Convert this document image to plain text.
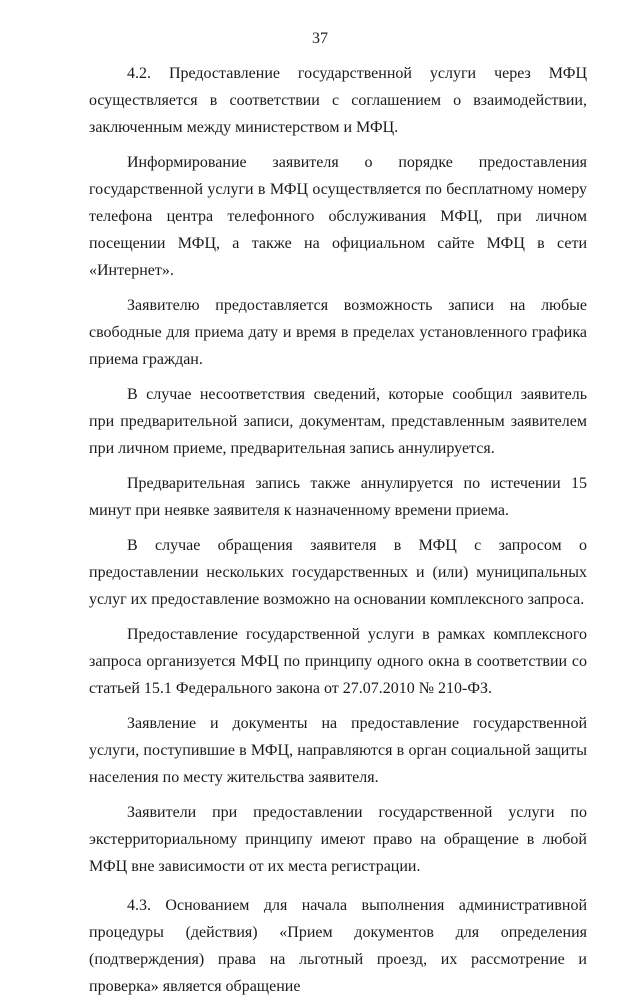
37

4.2. Предоставление государственной услуги через МФЦ осуществляется в соответствии с соглашением о взаимодействии, заключенным между министерством и МФЦ.

Информирование заявителя о порядке предоставления государственной услуги в МФЦ осуществляется по бесплатному номеру телефона центра телефонного обслуживания МФЦ, при личном посещении МФЦ, а также на официальном сайте МФЦ в сети «Интернет».

Заявителю предоставляется возможность записи на любые свободные для приема дату и время в пределах установленного графика приема граждан.

В случае несоответствия сведений, которые сообщил заявитель при предварительной записи, документам, представленным заявителем при личном приеме, предварительная запись аннулируется.

Предварительная запись также аннулируется по истечении 15 минут при неявке заявителя к назначенному времени приема.

В случае обращения заявителя в МФЦ с запросом о предоставлении нескольких государственных и (или) муниципальных услуг их предоставление возможно на основании комплексного запроса.

Предоставление государственной услуги в рамках комплексного запроса организуется МФЦ по принципу одного окна в соответствии со статьей 15.1 Федерального закона от 27.07.2010 № 210-ФЗ.

Заявление и документы на предоставление государственной услуги, поступившие в МФЦ, направляются в орган социальной защиты населения по месту жительства заявителя.

Заявители при предоставлении государственной услуги по экстерриториальному принципу имеют право на обращение в любой МФЦ вне зависимости от их места регистрации.

4.3. Основанием для начала выполнения административной процедуры (действия) «Прием документов для определения (подтверждения) права на льготный проезд, их рассмотрение и проверка» является обращение
